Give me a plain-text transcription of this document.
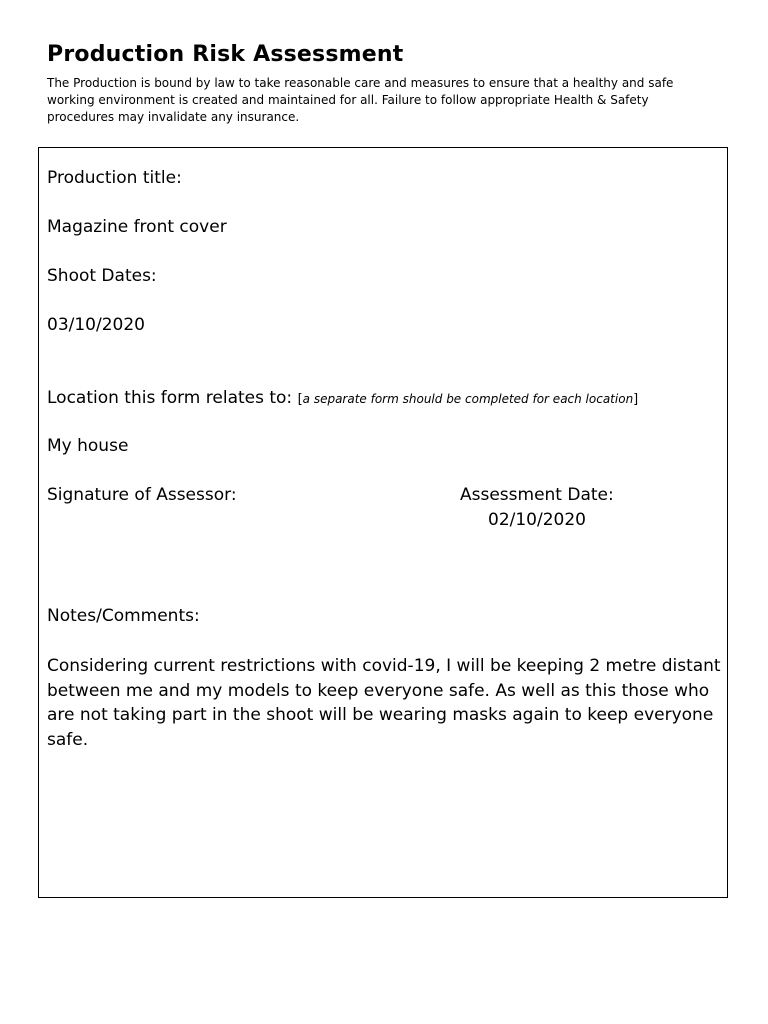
Production Risk Assessment
The Production is bound by law to take reasonable care and measures to ensure that a healthy and safe
working environment is created and maintained for all. Failure to follow appropriate Health & Safety
procedures may invalidate any insurance.
Production title:
Magazine front cover
Shoot Dates:
03/10/2020
Location this form relates to: [a separate form should be completed for each location]
My house
Signature of Assessor:	Assessment Date:
02/10/2020
Notes/Comments:
Considering current restrictions with covid-19, I will be keeping 2 metre distant
between me and my models to keep everyone safe. As well as this those who
are not taking part in the shoot will be wearing masks again to keep everyone
safe.
